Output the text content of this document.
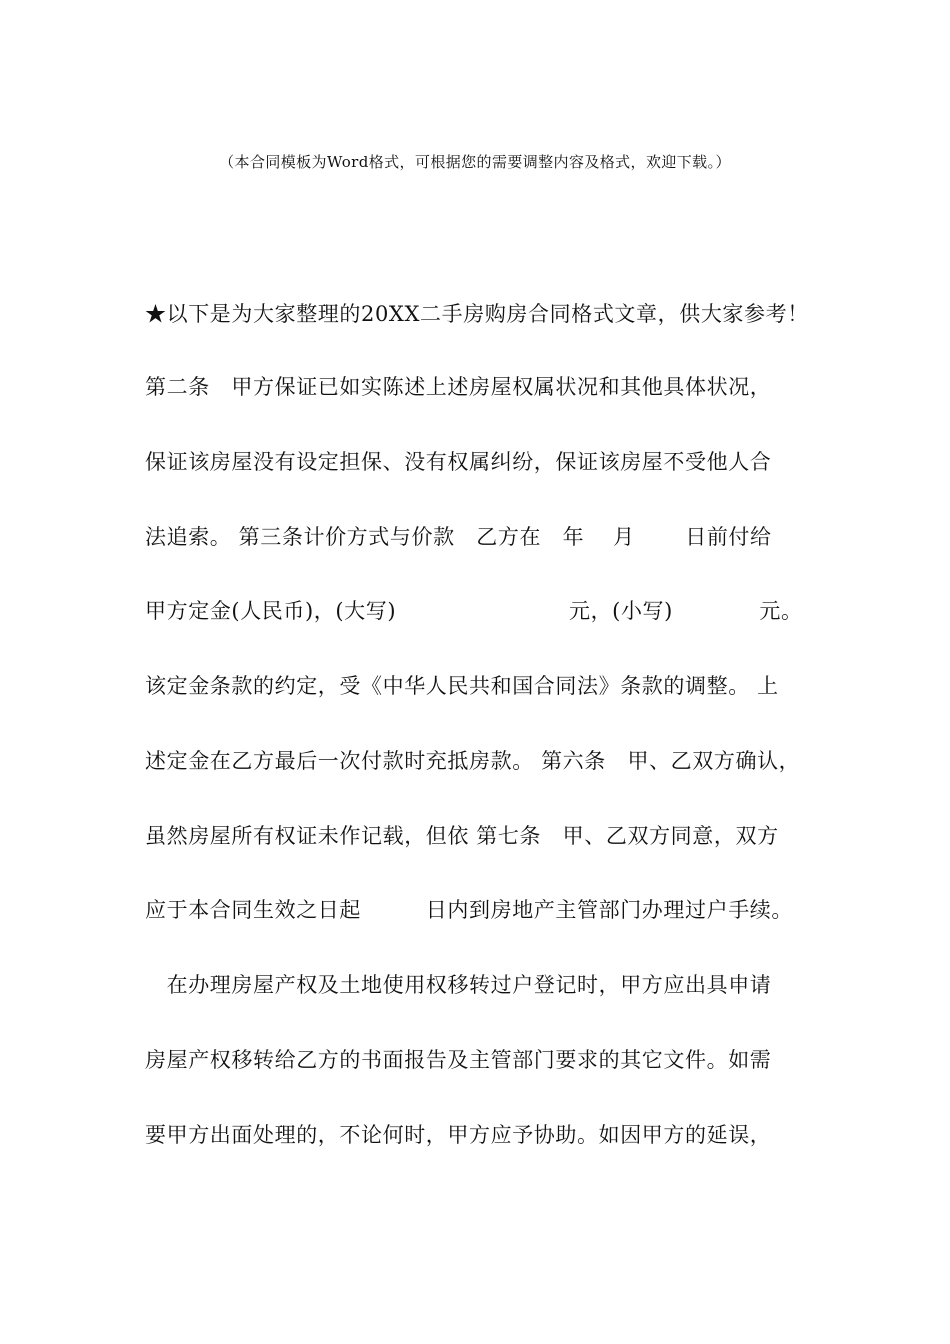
（本合同模板为Word格式，可根据您的需要调整内容及格式，欢迎下载。）
★以下是为大家整理的20XX二手房购房合同格式文章，供大家参考！
第二条　甲方保证已如实陈述上述房屋权属状况和其他具体状况，
保证该房屋没有设定担保、没有权属纠纷，保证该房屋不受他人合
法追索。 第三条计价方式与价款　乙方在　年　 月　 　日前付给
甲方定金(人民币)，(大写)　　　　　　　　元，(小写)　　　　元。
该定金条款的约定，受《中华人民共和国合同法》条款的调整。 上
述定金在乙方最后一次付款时充抵房款。 第六条　甲、乙双方确认，
虽然房屋所有权证未作记载，但依 第七条　甲、乙双方同意，双方
应于本合同生效之日起　　　日内到房地产主管部门办理过户手续。
　在办理房屋产权及土地使用权移转过户登记时，甲方应出具申请
房屋产权移转给乙方的书面报告及主管部门要求的其它文件。如需
要甲方出面处理的，不论何时，甲方应予协助。如因甲方的延误，
